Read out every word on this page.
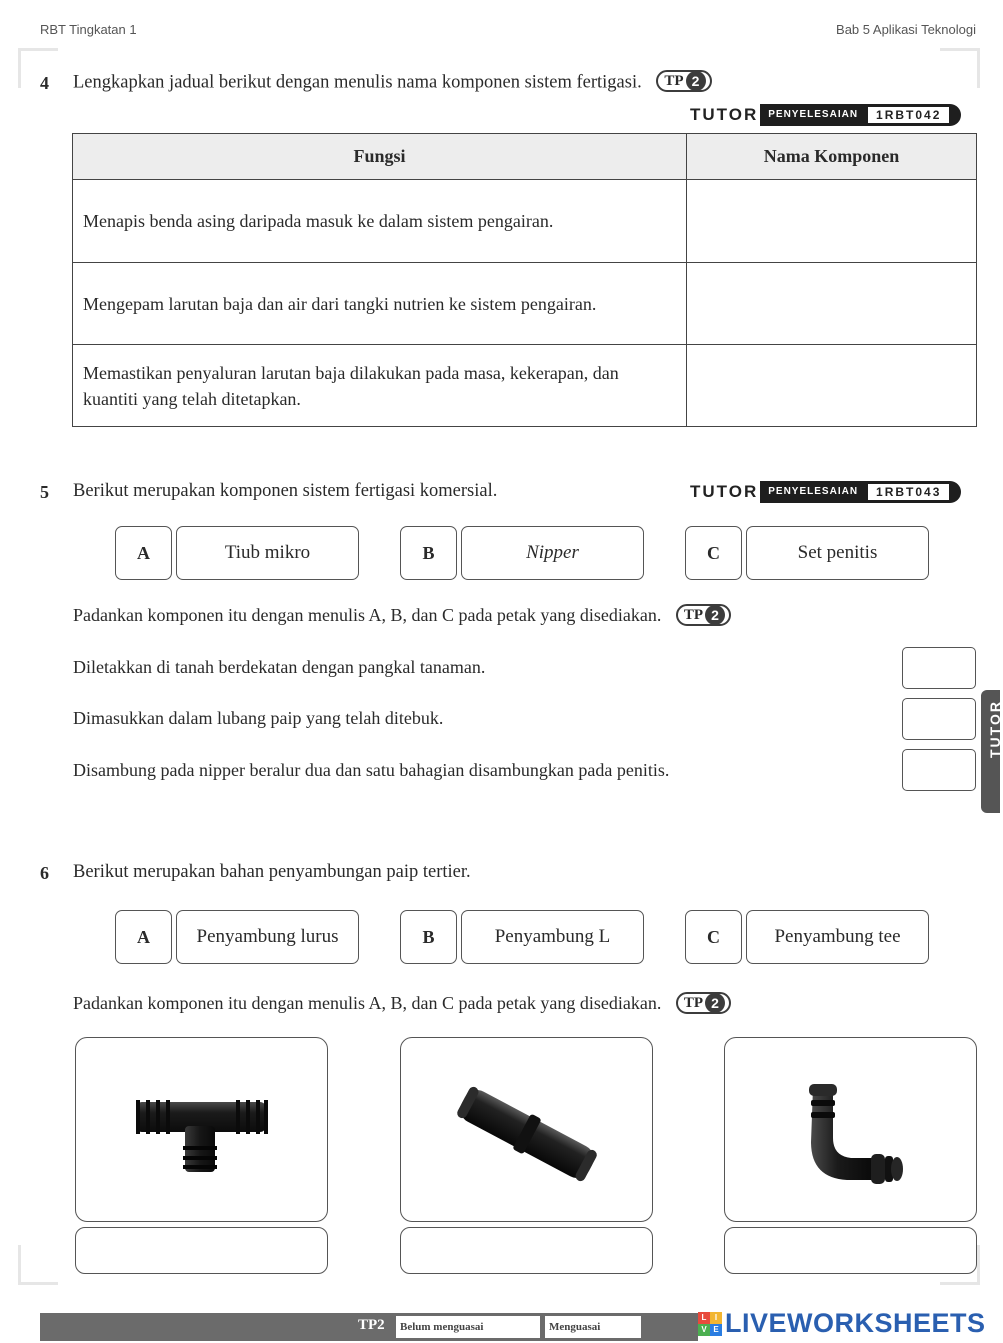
RBT Tingkatan 1	Bab 5 Aplikasi Teknologi
4 Lengkapkan jadual berikut dengan menulis nama komponen sistem fertigasi. TP 2
TUTOR	PENYELESAIAN	1RBT042
Fungsi	Nama Komponen
Menapis benda asing daripada masuk ke dalam sistem pengairan.	
Mengepam larutan baja dan air dari tangki nutrien ke sistem pengairan.	
Memastikan penyaluran larutan baja dilakukan pada masa, kekerapan, dan kuantiti yang telah ditetapkan.	
5 Berikut merupakan komponen sistem fertigasi komersial.	TUTOR	PENYELESAIAN	1RBT043
A	Tiub mikro	B	Nipper	C	Set penitis
Padankan komponen itu dengan menulis A, B, dan C pada petak yang disediakan. TP 2
Diletakkan di tanah berdekatan dengan pangkal tanaman.
Dimasukkan dalam lubang paip yang telah ditebuk.
Disambung pada nipper beralur dua dan satu bahagian disambungkan pada penitis.
TUTOR
6 Berikut merupakan bahan penyambungan paip tertier.
A	Penyambung lurus	B	Penyambung L	C	Penyambung tee
Padankan komponen itu dengan menulis A, B, dan C pada petak yang disediakan. TP 2
TP2	Belum menguasai	Menguasai
L	I
V E LIVEWORKSHEETS
